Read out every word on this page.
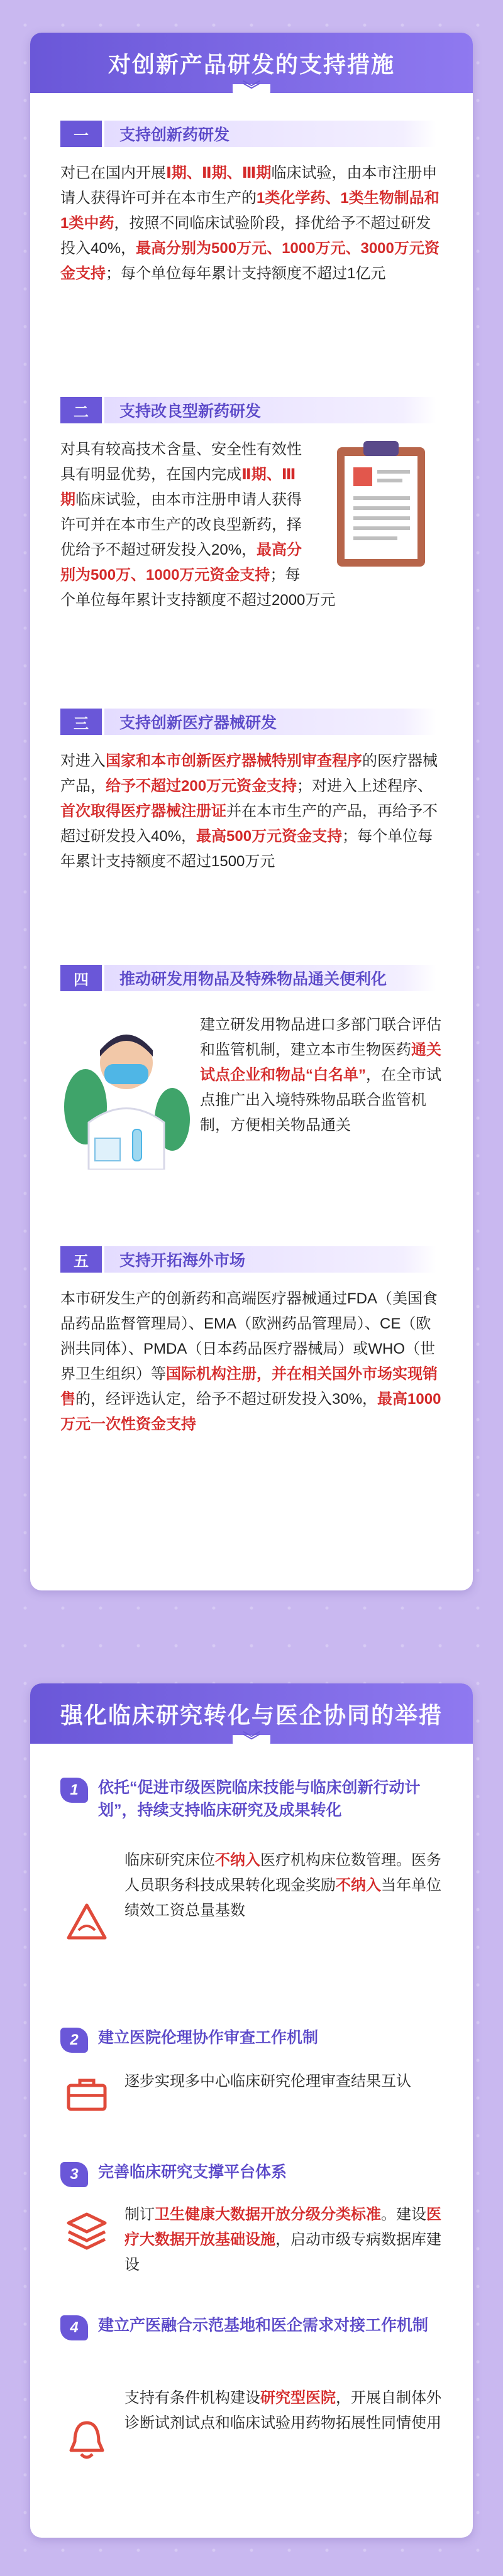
对创新产品研发的支持措施
︾
一	支持创新药研发
对已在国内开展Ⅰ期、Ⅱ期、Ⅲ期临床试验，由本市注册申请人获得许可并在本市生产的1类化学药、1类生物制品和1类中药，按照不同临床试验阶段，择优给予不超过研发投入40%，最高分别为500万元、1000万元、3000万元资金支持；每个单位每年累计支持额度不超过1亿元
二	支持改良型新药研发
对具有较高技术含量、安全性有效性具有明显优势，在国内完成Ⅱ期、Ⅲ期临床试验，由本市注册申请人获得许可并在本市生产的改良型新药，择优给予不超过研发投入20%，最高分别为500万、1000万元资金支持；每个单位每年累计支持额度不超过2000万元
三	支持创新医疗器械研发
对进入国家和本市创新医疗器械特别审查程序的医疗器械产品，给予不超过200万元资金支持；对进入上述程序、首次取得医疗器械注册证并在本市生产的产品，再给予不超过研发投入40%，最高500万元资金支持；每个单位每年累计支持额度不超过1500万元
四	推动研发用物品及特殊物品通关便利化
建立研发用物品进口多部门联合评估和监管机制，建立本市生物医药通关试点企业和物品“白名单”，在全市试点推广出入境特殊物品联合监管机制，方便相关物品通关
五	支持开拓海外市场
本市研发生产的创新药和高端医疗器械通过FDA（美国食品药品监督管理局）、EMA（欧洲药品管理局）、CE（欧洲共同体）、PMDA（日本药品医疗器械局）或WHO（世界卫生组织）等国际机构注册，并在相关国外市场实现销售的，经评选认定，给予不超过研发投入30%，最高1000万元一次性资金支持
强化临床研究转化与医企协同的举措
︾
1	依托“促进市级医院临床技能与临床创新行动计划”，持续支持临床研究及成果转化
临床研究床位不纳入医疗机构床位数管理。医务人员职务科技成果转化现金奖励不纳入当年单位绩效工资总量基数
2	建立医院伦理协作审查工作机制
逐步实现多中心临床研究伦理审查结果互认
3	完善临床研究支撑平台体系
制订卫生健康大数据开放分级分类标准。建设医疗大数据开放基础设施，启动市级专病数据库建设
4	建立产医融合示范基地和医企需求对接工作机制
支持有条件机构建设研究型医院，开展自制体外诊断试剂试点和临床试验用药物拓展性同情使用
